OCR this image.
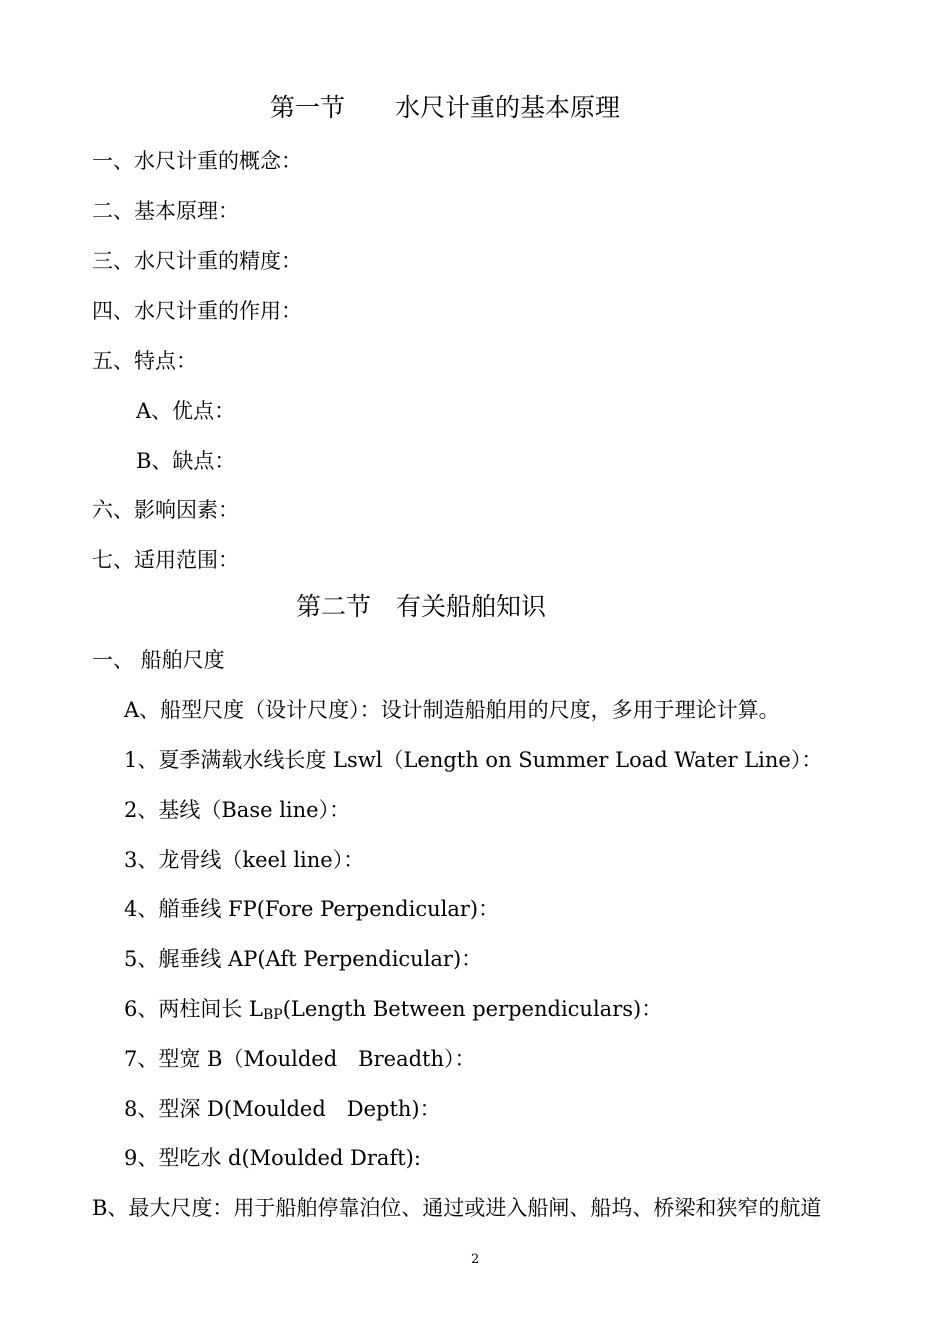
第一节　　水尺计重的基本原理
一、水尺计重的概念：
二、基本原理：
三、水尺计重的精度：
四、水尺计重的作用：
五、特点：
A、优点：
B、缺点：
六、影响因素：
七、适用范围：
第二节　有关船舶知识
一、 船舶尺度
A、船型尺度（设计尺度）：设计制造船舶用的尺度，多用于理论计算。
1、夏季满载水线长度 Lswl（Length on Summer Load Water Line）：
2、基线（Base line）：
3、龙骨线（keel line）：
4、艏垂线 FP(Fore Perpendicular)：
5、艉垂线 AP(Aft Perpendicular)：
6、两柱间长 $L_{BP}(Length$ Between perpendiculars)：
7、型宽 B（Moulded　Breadth）：
8、型深 D(Moulded　Depth)：
9、型吃水 d(Moulded Draft):
B、最大尺度：用于船舶停靠泊位、通过或进入船闸、船坞、桥梁和狭窄的航道
2
